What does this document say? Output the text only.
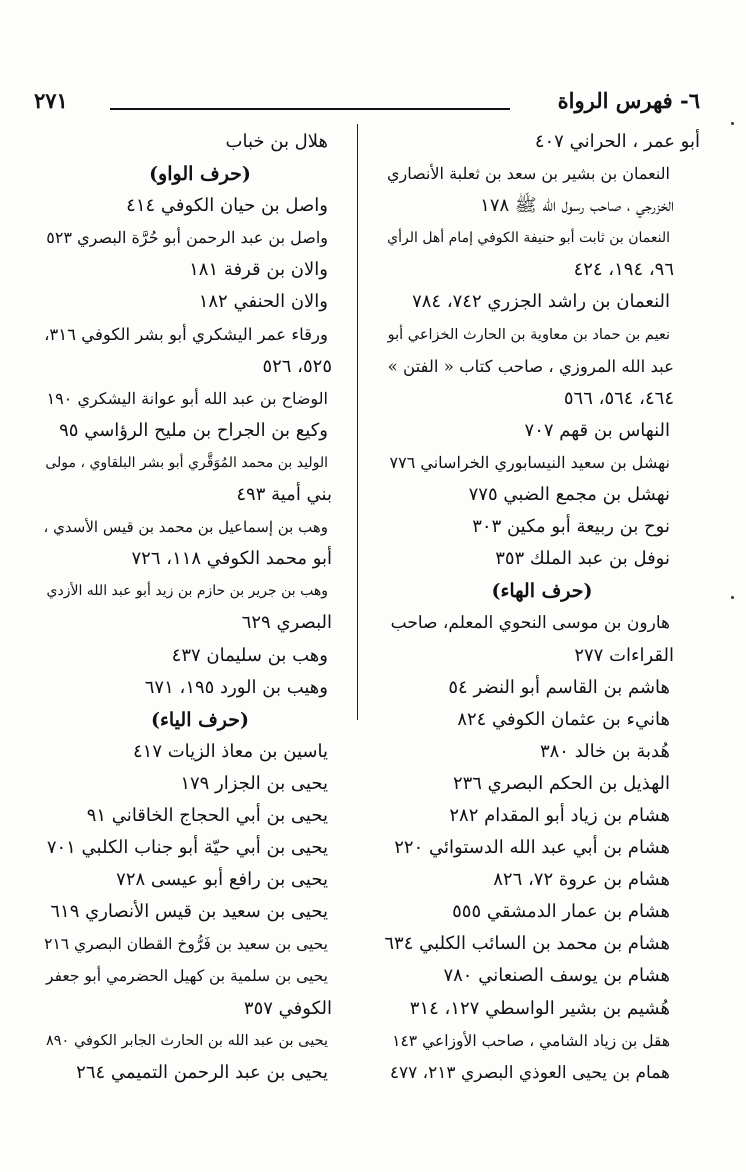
٦- فهرس الرواة
٢٧١
أبو عمر ، الحراني ٤٠٧
النعمان بن بشير بن سعد بن ثعلبة الأنصاري
الخزرجي ، صاحب رسول الله ﷺ ١٧٨
النعمان بن ثابت أبو حنيفة الكوفي إمام أهل الرأي
٩٦، ١٩٤، ٤٢٤
النعمان بن راشد الجزري ٧٤٢، ٧٨٤
نعيم بن حماد بن معاوية بن الحارث الخزاعي أبو
عبد الله المروزي ، صاحب كتاب « الفتن »
٤٦٤، ٥٦٤، ٥٦٦
النهاس بن قهم ٧٠٧
نهشل بن سعيد النيسابوري الخراساني ٧٧٦
نهشل بن مجمع الضبي ٧٧٥
نوح بن ربيعة أبو مكين ٣٠٣
نوفل بن عبد الملك ٣٥٣
(حرف الهاء)
هارون بن موسى النحوي المعلم، صاحب
القراءات ٢٧٧
هاشم بن القاسم أبو النضر ٥٤
هانيء بن عثمان الكوفي ٨٢٤
هُدبة بن خالد ٣٨٠
الهذيل بن الحكم البصري ٢٣٦
هشام بن زياد أبو المقدام ٢٨٢
هشام بن أبي عبد الله الدستوائي ٢٢٠
هشام بن عروة ٧٢، ٨٢٦
هشام بن عمار الدمشقي ٥٥٥
هشام بن محمد بن السائب الكلبي ٦٣٤
هشام بن يوسف الصنعاني ٧٨٠
هُشيم بن بشير الواسطي ١٢٧، ٣١٤
هقل بن زياد الشامي ، صاحب الأوزاعي ١٤٣
همام بن يحيى العوذي البصري ٢١٣، ٤٧٧
هلال بن خباب
(حرف الواو)
واصل بن حيان الكوفي ٤١٤
واصل بن عبد الرحمن أبو حُرَّة البصري ٥٢٣
والان بن قرفة ١٨١
والان الحنفي ١٨٢
ورقاء عمر اليشكري أبو بشر الكوفي ٣١٦،
٥٢٥، ٥٢٦
الوضاح بن عبد الله أبو عوانة اليشكري ١٩٠
وكيع بن الجراح بن مليح الرؤاسي ٩٥
الوليد بن محمد المُوَقَّري أبو بشر البلقاوي ، مولى
بني أمية ٤٩٣
وهب بن إسماعيل بن محمد بن قيس الأسدي ،
أبو محمد الكوفي ١١٨، ٧٢٦
وهب بن جرير بن حازم بن زيد أبو عبد الله الأزدي
البصري ٦٢٩
وهب بن سليمان ٤٣٧
وهيب بن الورد ١٩٥، ٦٧١
(حرف الياء)
ياسين بن معاذ الزيات ٤١٧
يحيى بن الجزار ١٧٩
يحيى بن أبي الحجاج الخاقاني ٩١
يحيى بن أبي حيّة أبو جناب الكلبي ٧٠١
يحيى بن رافع أبو عيسى ٧٢٨
يحيى بن سعيد بن قيس الأنصاري ٦١٩
يحيى بن سعيد بن فَرُّوخ القطان البصري ٢١٦
يحيى بن سلمية بن كهيل الحضرمي أبو جعفر
الكوفي ٣٥٧
يحيى بن عبد الله بن الحارث الجابر الكوفي ٨٩٠
يحيى بن عبد الرحمن التميمي ٢٦٤
